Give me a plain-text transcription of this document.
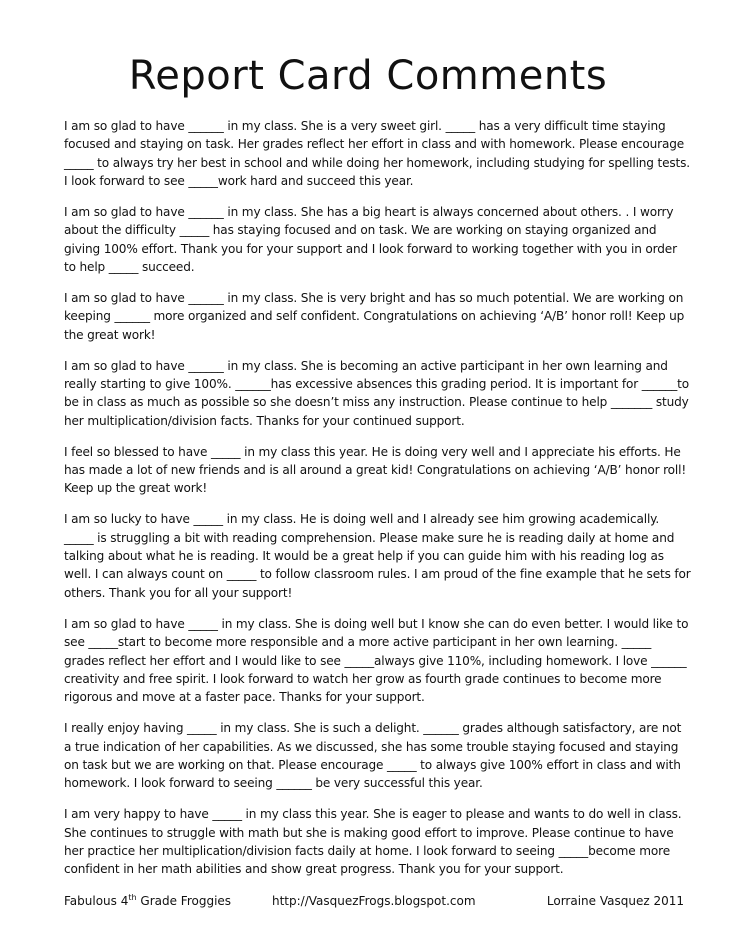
Report Card Comments

I am so glad to have ______ in my class. She is a very sweet girl. _____ has a very difficult time staying focused and staying on task. Her grades reflect her effort in class and with homework. Please encourage _____ to always try her best in school and while doing her homework, including studying for spelling tests. I look forward to see _____work hard and succeed this year.

I am so glad to have ______ in my class. She has a big heart is always concerned about others. . I worry about the difficulty _____ has staying focused and on task. We are working on staying organized and giving 100% effort. Thank you for your support and I look forward to working together with you in order to help _____ succeed.

I am so glad to have ______ in my class. She is very bright and has so much potential. We are working on keeping ______ more organized and self confident. Congratulations on achieving ‘A/B’ honor roll! Keep up the great work!

I am so glad to have ______ in my class. She is becoming an active participant in her own learning and really starting to give 100%. ______has excessive absences this grading period. It is important for ______to be in class as much as possible so she doesn’t miss any instruction. Please continue to help _______ study her multiplication/division facts. Thanks for your continued support.

I feel so blessed to have _____ in my class this year. He is doing very well and I appreciate his efforts. He has made a lot of new friends and is all around a great kid! Congratulations on achieving ‘A/B’ honor roll! Keep up the great work!

I am so lucky to have _____ in my class. He is doing well and I already see him growing academically. _____ is struggling a bit with reading comprehension. Please make sure he is reading daily at home and talking about what he is reading. It would be a great help if you can guide him with his reading log as well. I can always count on _____ to follow classroom rules. I am proud of the fine example that he sets for others. Thank you for all your support!

I am so glad to have _____ in my class. She is doing well but I know she can do even better. I would like to see _____start to become more responsible and a more active participant in her own learning. _____ grades reflect her effort and I would like to see _____always give 110%, including homework. I love ______ creativity and free spirit. I look forward to watch her grow as fourth grade continues to become more rigorous and move at a faster pace. Thanks for your support.

I really enjoy having _____ in my class. She is such a delight. ______ grades although satisfactory, are not a true indication of her capabilities. As we discussed, she has some trouble staying focused and staying on task but we are working on that. Please encourage _____ to always give 100% effort in class and with homework. I look forward to seeing ______ be very successful this year.

I am very happy to have _____ in my class this year. She is eager to please and wants to do well in class. She continues to struggle with math but she is making good effort to improve. Please continue to have her practice her multiplication/division facts daily at home. I look forward to seeing _____become more confident in her math abilities and show great progress. Thank you for your support.

Fabulous 4th Grade Froggies	http://VasquezFrogs.blogspot.com	Lorraine Vasquez 2011
